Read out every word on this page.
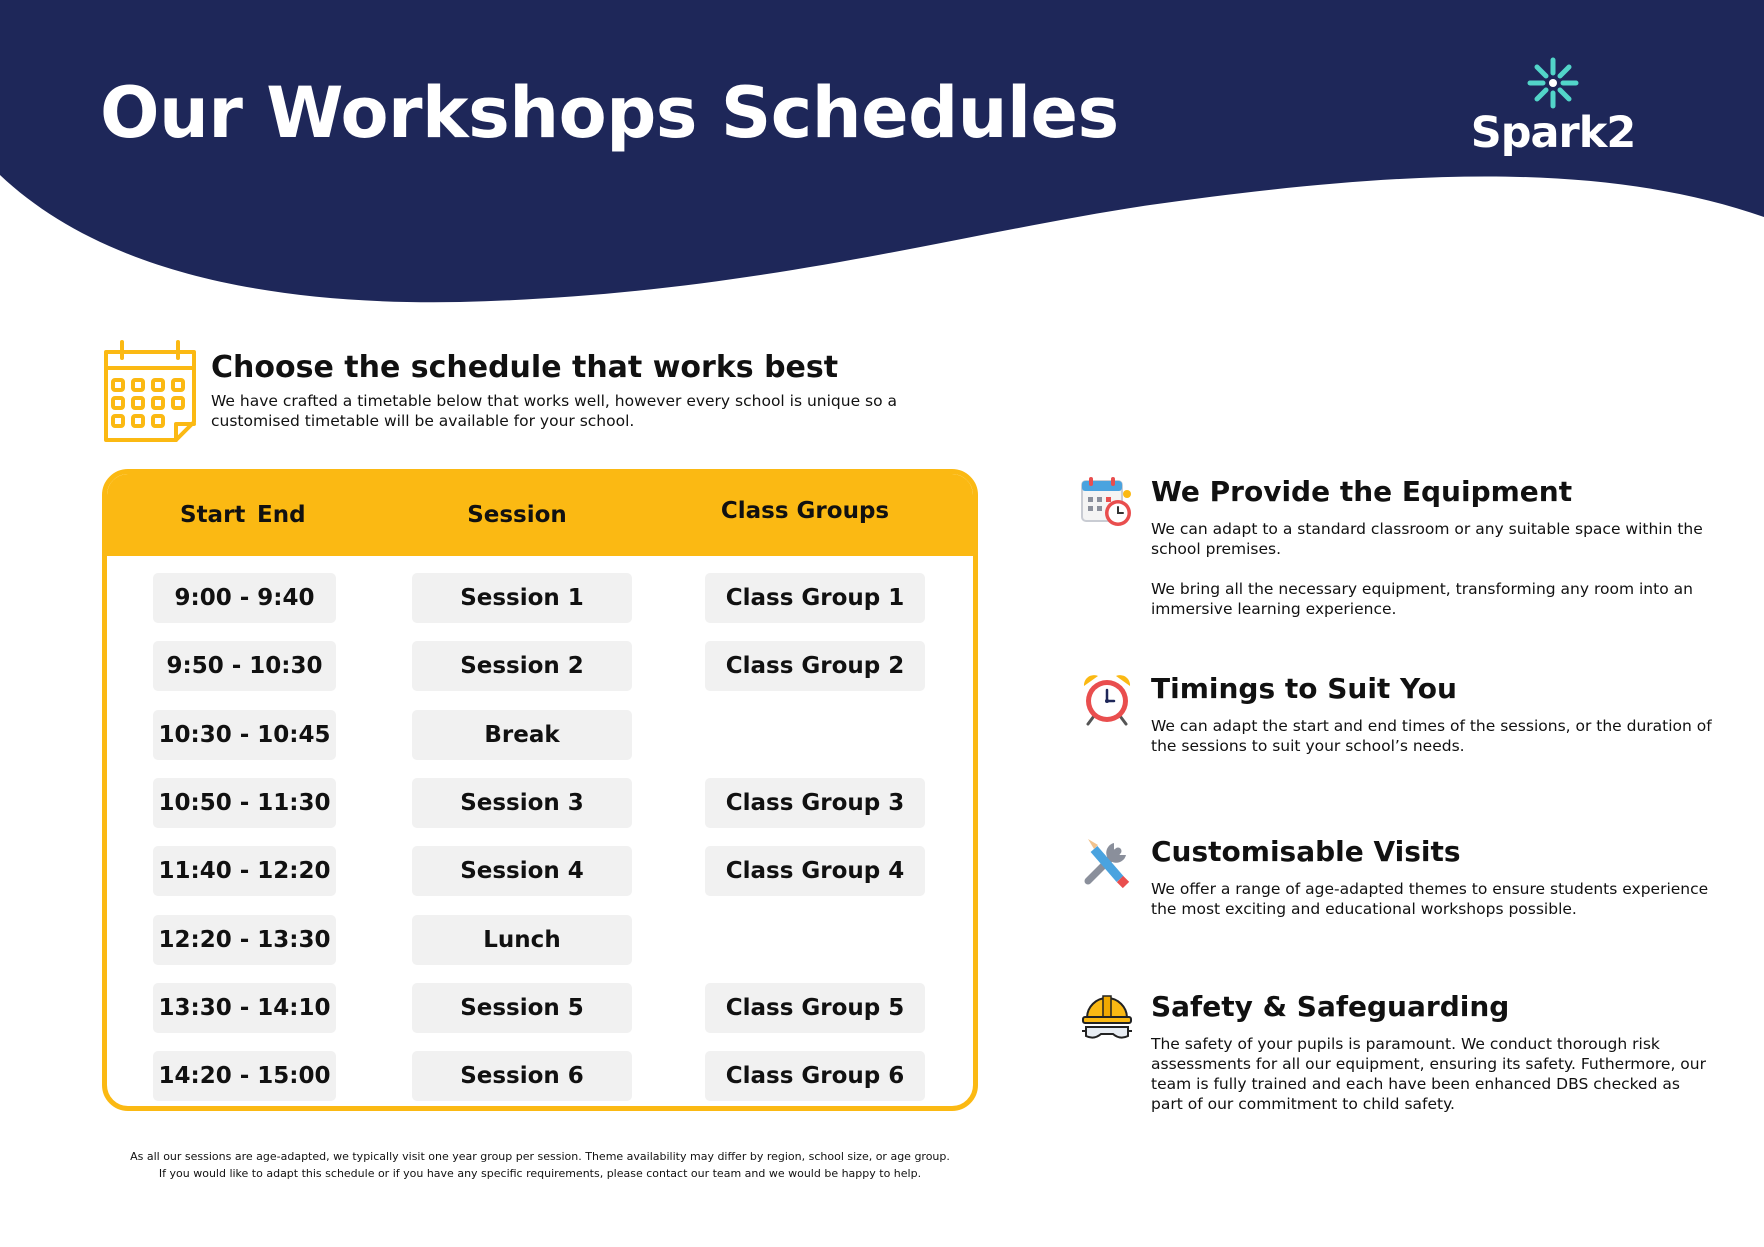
Our Workshops Schedules	Spark2
Choose the schedule that works best

We have crafted a timetable below that works well, however every school is unique so a customised timetable will be available for your school.

Start End	Session	Class Groups
9:00 - 9:40	Session 1	Class Group 1
9:50 - 10:30	Session 2	Class Group 2
10:30 - 10:45	Break
10:50 - 11:30	Session 3	Class Group 3
11:40 - 12:20	Session 4	Class Group 4
12:20 - 13:30	Lunch
13:30 - 14:10	Session 5	Class Group 5
14:20 - 15:00	Session 6	Class Group 6

As all our sessions are age-adapted, we typically visit one year group per session. Theme availability may differ by region, school size, or age group.
If you would like to adapt this schedule or if you have any specific requirements, please contact our team and we would be happy to help.

We Provide the Equipment

We can adapt to a standard classroom or any suitable space within the school premises.

We bring all the necessary equipment, transforming any room into an immersive learning experience.

Timings to Suit You

We can adapt the start and end times of the sessions, or the duration of the sessions to suit your school’s needs.

Customisable Visits

We offer a range of age-adapted themes to ensure students experience the most exciting and educational workshops possible.

Safety & Safeguarding

The safety of your pupils is paramount. We conduct thorough risk assessments for all our equipment, ensuring its safety. Futhermore, our team is fully trained and each have been enhanced DBS checked as part of our commitment to child safety.
